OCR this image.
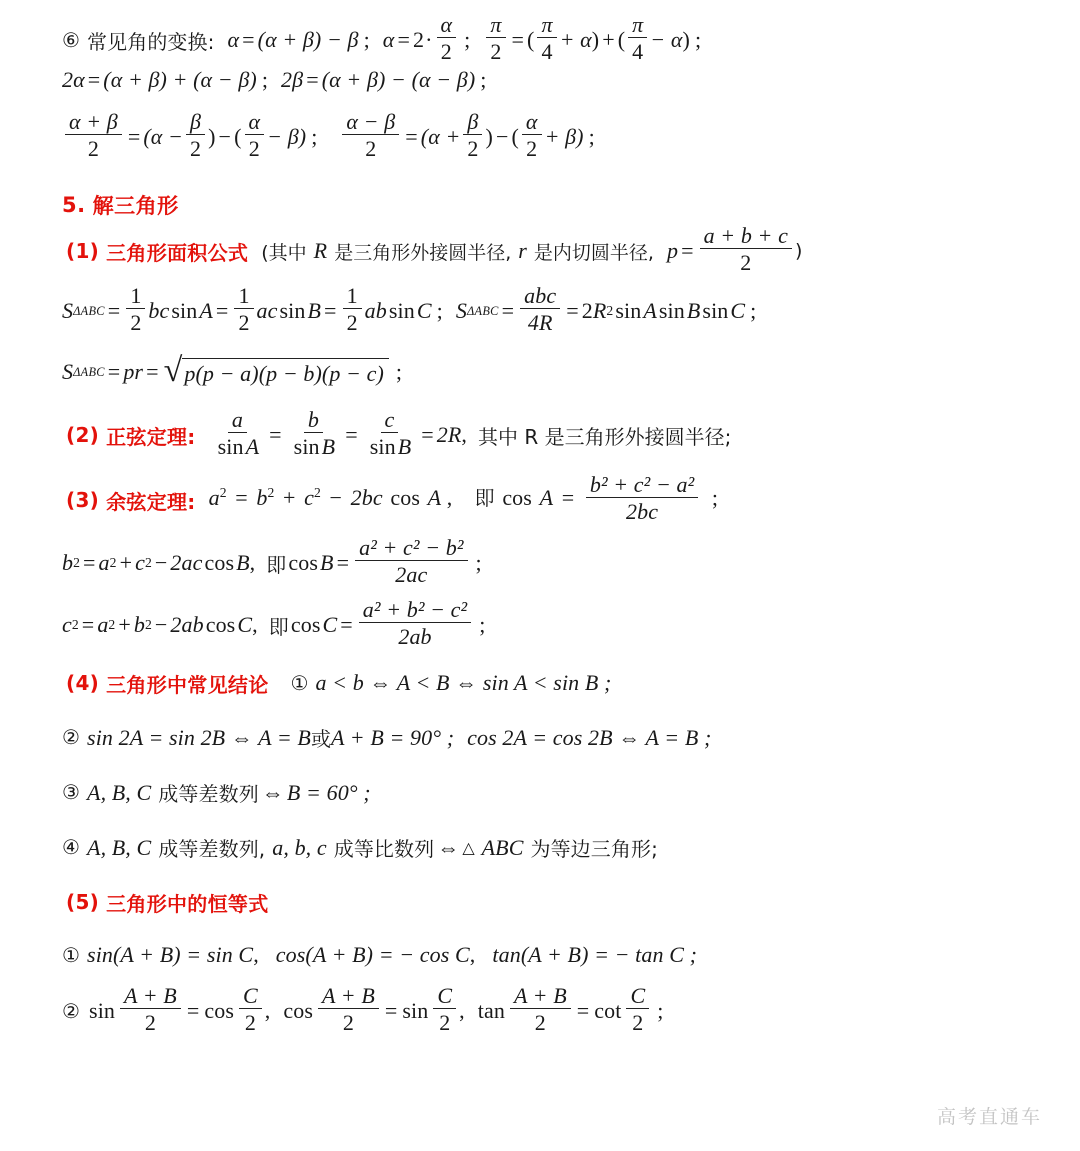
⑥ 常见角的变换: α = (α + β) − β ; $\alpha = 2 \cdot \frac{\alpha}{2}$ ; $\frac{\pi}{2}$ = ( $\frac{\pi}{4} + \alpha$ ) + ( $\frac{\pi}{4} - \alpha$ ) ;
2α = (α + β) + (α − β) ; 2β = (α + β) − (α − β) ;
$\frac{\alpha + \beta}{2} = (\alpha - \frac{\beta}{2}$ ) − ( $\frac{\alpha}{2} - \beta$) ; $\frac{\alpha - \beta}{2} = (\alpha + \frac{\beta}{2}$ ) − ( $\frac{\alpha}{2} + \beta$) ;
5. 解三角形
(1) 三角形面积公式 (其中 R 是三角形外接圆半径, r 是内切圆半径, $p = \frac{a + b + c}{2}$ )
S $\Delta ABC = \frac{1}{2}$ bc $\sin A = \frac{1}{2}$ ac $\sin B = \frac{1}{2}$ ab sin C ; S $\Delta ABC = \frac{\text{abc}}{4R} = 2$ R 2 sin A sin B sin C ;
S ΔABC = pr = √ p(p − a)(p − b)(p − c) ;
(2) 正弦定理: $\frac{a}{\sin A} = \frac{b}{\sin B} = \frac{c}{\sin B} = 2R$ , 其中 R 是三角形外接圆半径;
(3) 余弦定理: $a^2 = b^2 + c^2 - 2bc$ cos A , 即 $\cos A = \frac{\text{b² + c² − a²}}{2bc}$ ;
b 2 = a 2 + c 2 − 2ac cos B , 即 $\cos B = \frac{\text{a² + c² − b²}}{2ac}$ ;
c 2 = a 2 + b 2 − 2ab cos C , 即 $\cos C = \frac{\text{a² + b² − c²}}{2ab}$ ;
(4) 三角形中常见结论 ① a < b ⇔ A < B ⇔ sin A < sin B ;
② sin 2A = sin 2B ⇔ A = B 或 A + B = 90° ; cos 2A = cos 2B ⇔ A = B ;
③ A, B, C 成等差数列 ⇔ B = 60° ;
④ A, B, C 成等差数列, a, b, c 成等比数列 ⇔ △ ABC 为等边三角形;
(5) 三角形中的恒等式
① sin(A + B) = sin C , cos(A + B) = − cos C , tan(A + B) = − tan C ;
② $\sin \frac{A + B}{2} = \cos \frac{C}{2}$ , $\cos \frac{A + B}{2} = \sin \frac{C}{2}$ , $\tan \frac{A + B}{2} = \cot \frac{C}{2}$ ;
高考直通车
